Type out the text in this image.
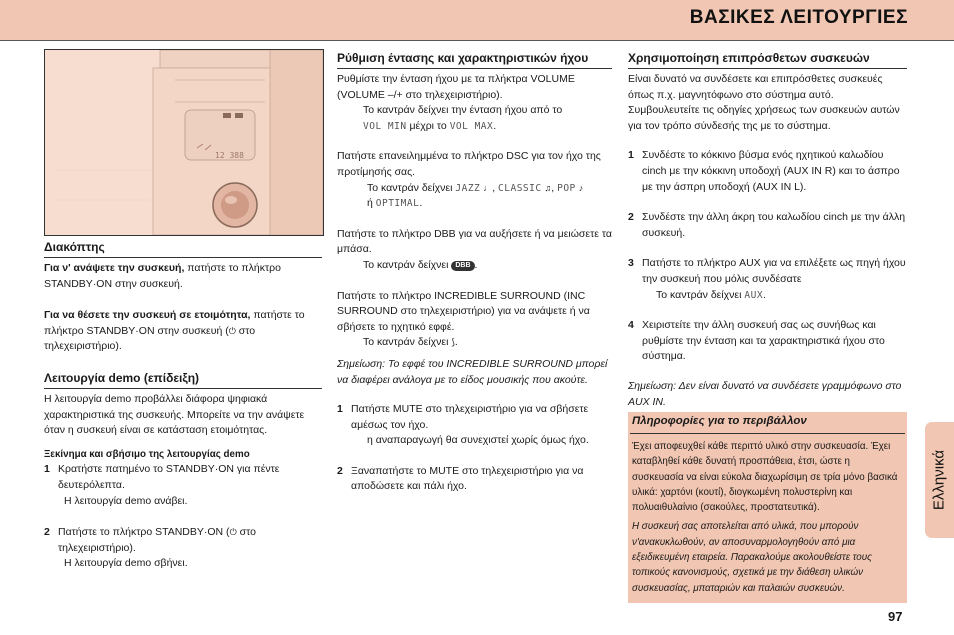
ΒΑΣΙΚΕΣ ΛΕΙΤΟΥΡΓΙΕΣ
12 388
Διακόπτης

Για ν' ανάψετε την συσκευή, πατήστε το πλήκτρο STANDBY·ON στην συσκευή.

Για να θέσετε την συσκευή σε ετοιμότητα, πατήστε το πλήκτρο STANDBY·ON στην συσκευή (⏻ στο τηλεχειριστήριο).

Λειτουργία demo (επίδειξη)

Η λειτουργία demo προβάλλει διάφορα ψηφιακά χαρακτηριστικά της συσκευής. Μπορείτε να την ανάψετε όταν η συσκευή είναι σε κατάσταση ετοιμότητας.

Ξεκίνημα και σβήσιμο της λειτουργίας demo

1 Κρατήστε πατημένο το STANDBY·ON για πέντε δευτερόλεπτα.

Η λειτουργία demo ανάβει.

2 Πατήστε το πλήκτρο STANDBY·ON (⏻ στο τηλεχειριστήριο).

Η λειτουργία demo σβήνει.

Ρύθμιση έντασης και χαρακτηριστικών ήχου

Ρυθμίστε την ένταση ήχου με τα πλήκτρα VOLUME (VOLUME –/+ στο τηλεχειριστήριο).

Το καντράν δείχνει την ένταση ήχου από το
VOL MIN μέχρι το VOL MAX.

Πατήστε επανειλημμένα το πλήκτρο DSC για τον ήχο της προτίμησής σας.

Το καντράν δείχνει JAZZ ♩, CLASSIC ♫, POP ♪
ή OPTIMAL.

Πατήστε το πλήκτρο DBB για να αυξήσετε ή να μειώσετε τα μπάσα.

Το καντράν δείχνει DBB .

Πατήστε το πλήκτρο INCREDIBLE SURROUND (INC SURROUND στο τηλεχειριστήριο) για να ανάψετε ή να σβήσετε το ηχητικό εφφέ.

Το καντράν δείχνει ⟆.

Σημείωση: Το εφφέ του INCREDIBLE SURROUND μπορεί να διαφέρει ανάλογα με το είδος μουσικής που ακούτε.

1 Πατήστε MUTE στο τηλεχειριστήριο για να σβήσετε αμέσως τον ήχο.

η αναπαραγωγή θα συνεχιστεί χωρίς όμως ήχο.

2 Ξαναπατήστε το MUTE στο τηλεχειριστήριο για να αποδώσετε και πάλι ήχο.
Χρησιμοποίηση επιπρόσθετων συσκευών

Είναι δυνατό να συνδέσετε και επιπρόσθετες συσκευές όπως π.χ. μαγνητόφωνο στο σύστημα αυτό. Συμβουλευτείτε τις οδηγίες χρήσεως των συσκευών αυτών για τον τρόπο σύνδεσής της με το σύστημα.

1 Συνδέστε το κόκκινο βύσμα ενός ηχητικού καλωδίου cinch με την κόκκινη υποδοχή (AUX IN R) και το άσπρο με την άσπρη υποδοχή (AUX IN L).
2 Συνδέστε την άλλη άκρη του καλωδίου cinch με την άλλη συσκευή.
3 Πατήστε το πλήκτρο AUX για να επιλέξετε ως πηγή ήχου την συσκευή που μόλις συνδέσατε

Το καντράν δείχνει AUX.

4 Χειριστείτε την άλλη συσκευή σας ως συνήθως και ρυθμίστε την ένταση και τα χαρακτηριστικά ήχου στο σύστημα.

Σημείωση: Δεν είναι δυνατό να συνδέσετε γραμμόφωνο στο AUX IN.

Πληροφορίες για το περιβάλλον

Έχει αποφευχθεί κάθε περιττό υλικό στην συσκευασία. Έχει καταβληθεί κάθε δυνατή προσπάθεια, έτσι, ώστε η συσκευασία να είναι εύκολα διαχωρίσιμη σε τρία μόνο βασικά υλικά: χαρτόνι (κουτί), διογκωμένη πολυστερίνη και πολυαιθυλαίνιο (σακούλες, προστατευτικά).

Η συσκευή σας αποτελείται από υλικά, που μπορούν ν'ανακυκλωθούν, αν αποσυναρμολογηθούν από μια εξειδικευμένη εταιρεία. Παρακαλούμε ακολουθείστε τους τοπικούς κανονισμούς, σχετικά με την διάθεση υλικών συσκευασίας, μπαταριών και παλαιών συσκευών.

Ελληνικά
97
